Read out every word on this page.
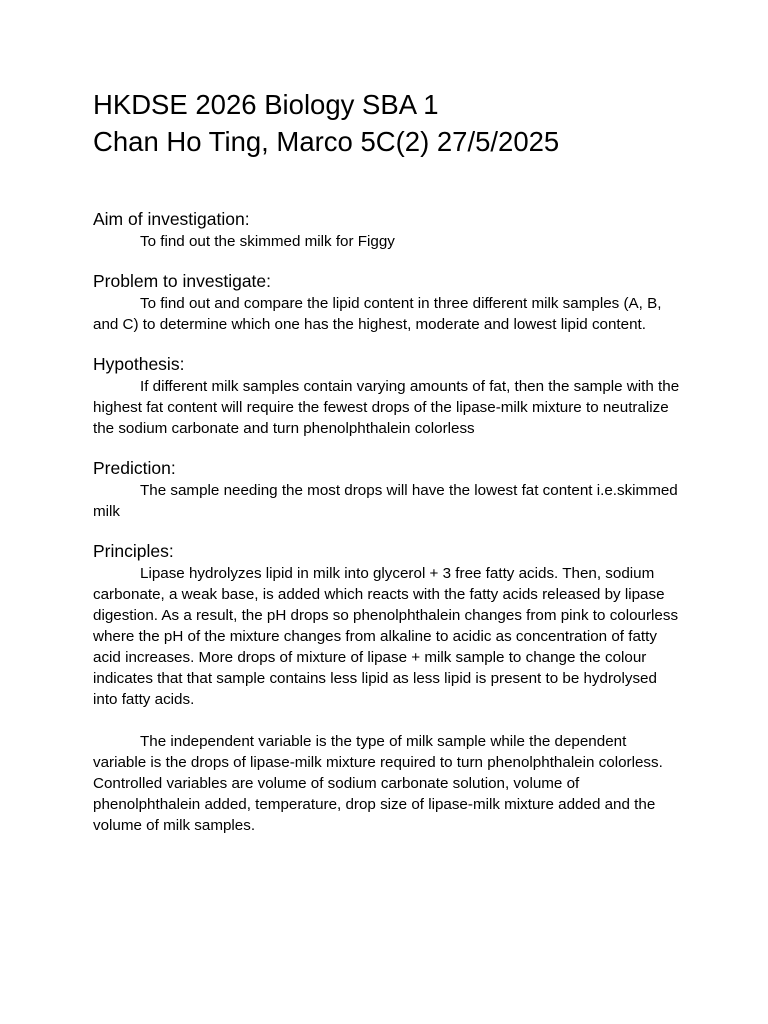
HKDSE 2026 Biology SBA 1

Chan Ho Ting, Marco 5C(2) 27/5/2025

Aim of investigation:

To find out the skimmed milk for Figgy

Problem to investigate:

To find out and compare the lipid content in three different milk samples (A, B, and C) to determine which one has the highest, moderate and lowest lipid content.

Hypothesis:

If different milk samples contain varying amounts of fat, then the sample with the highest fat content will require the fewest drops of the lipase-milk mixture to neutralize the sodium carbonate and turn phenolphthalein colorless

Prediction:

The sample needing the most drops will have the lowest fat content i.e.skimmed milk

Principles:

Lipase hydrolyzes lipid in milk into glycerol + 3 free fatty acids. Then, sodium carbonate, a weak base, is added which reacts with the fatty acids released by lipase digestion. As a result, the pH drops so phenolphthalein changes from pink to colourless where the pH of the mixture changes from alkaline to acidic as concentration of fatty acid increases. More drops of mixture of lipase + milk sample to change the colour indicates that that sample contains less lipid as less lipid is present to be hydrolysed into fatty acids.

The independent variable is the type of milk sample while the dependent variable is the drops of lipase-milk mixture required to turn phenolphthalein colorless. Controlled variables are volume of sodium carbonate solution, volume of phenolphthalein added, temperature, drop size of lipase-milk mixture added and the volume of milk samples.
